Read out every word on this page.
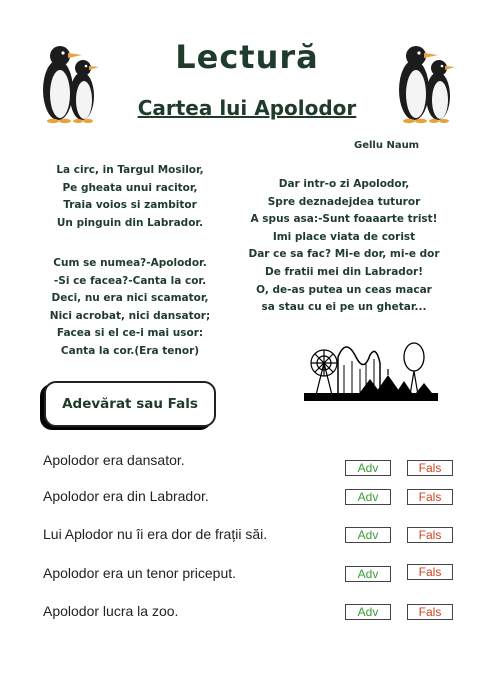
Lectură
Cartea lui Apolodor
Gellu Naum
La circ, in Targul Mosilor,
Pe gheata unui racitor,
Traia voios si zambitor
Un pinguin din Labrador.
Cum se numea?-Apolodor.
-Si ce facea?-Canta la cor.
Deci, nu era nici scamator,
Nici acrobat, nici dansator;
Facea si el ce-i mai usor:
Canta la cor.(Era tenor)
Dar intr-o zi Apolodor,
Spre deznadejdea tuturor
A spus asa:-Sunt foaaarte trist!
Imi place viata de corist
Dar ce sa fac? Mi-e dor, mi-e dor
De fratii mei din Labrador!
O, de-as putea un ceas macar
sa stau cu ei pe un ghetar...
Adevărat sau Fals
Apolodor era dansator.	Adv	Fals
Apolodor era din Labrador.	Adv	Fals
Lui Aplodor nu îi era dor de frații săi.	Adv	Fals
Apolodor era un tenor priceput.	Adv	Fals
Apolodor lucra la zoo.	Adv	Fals
